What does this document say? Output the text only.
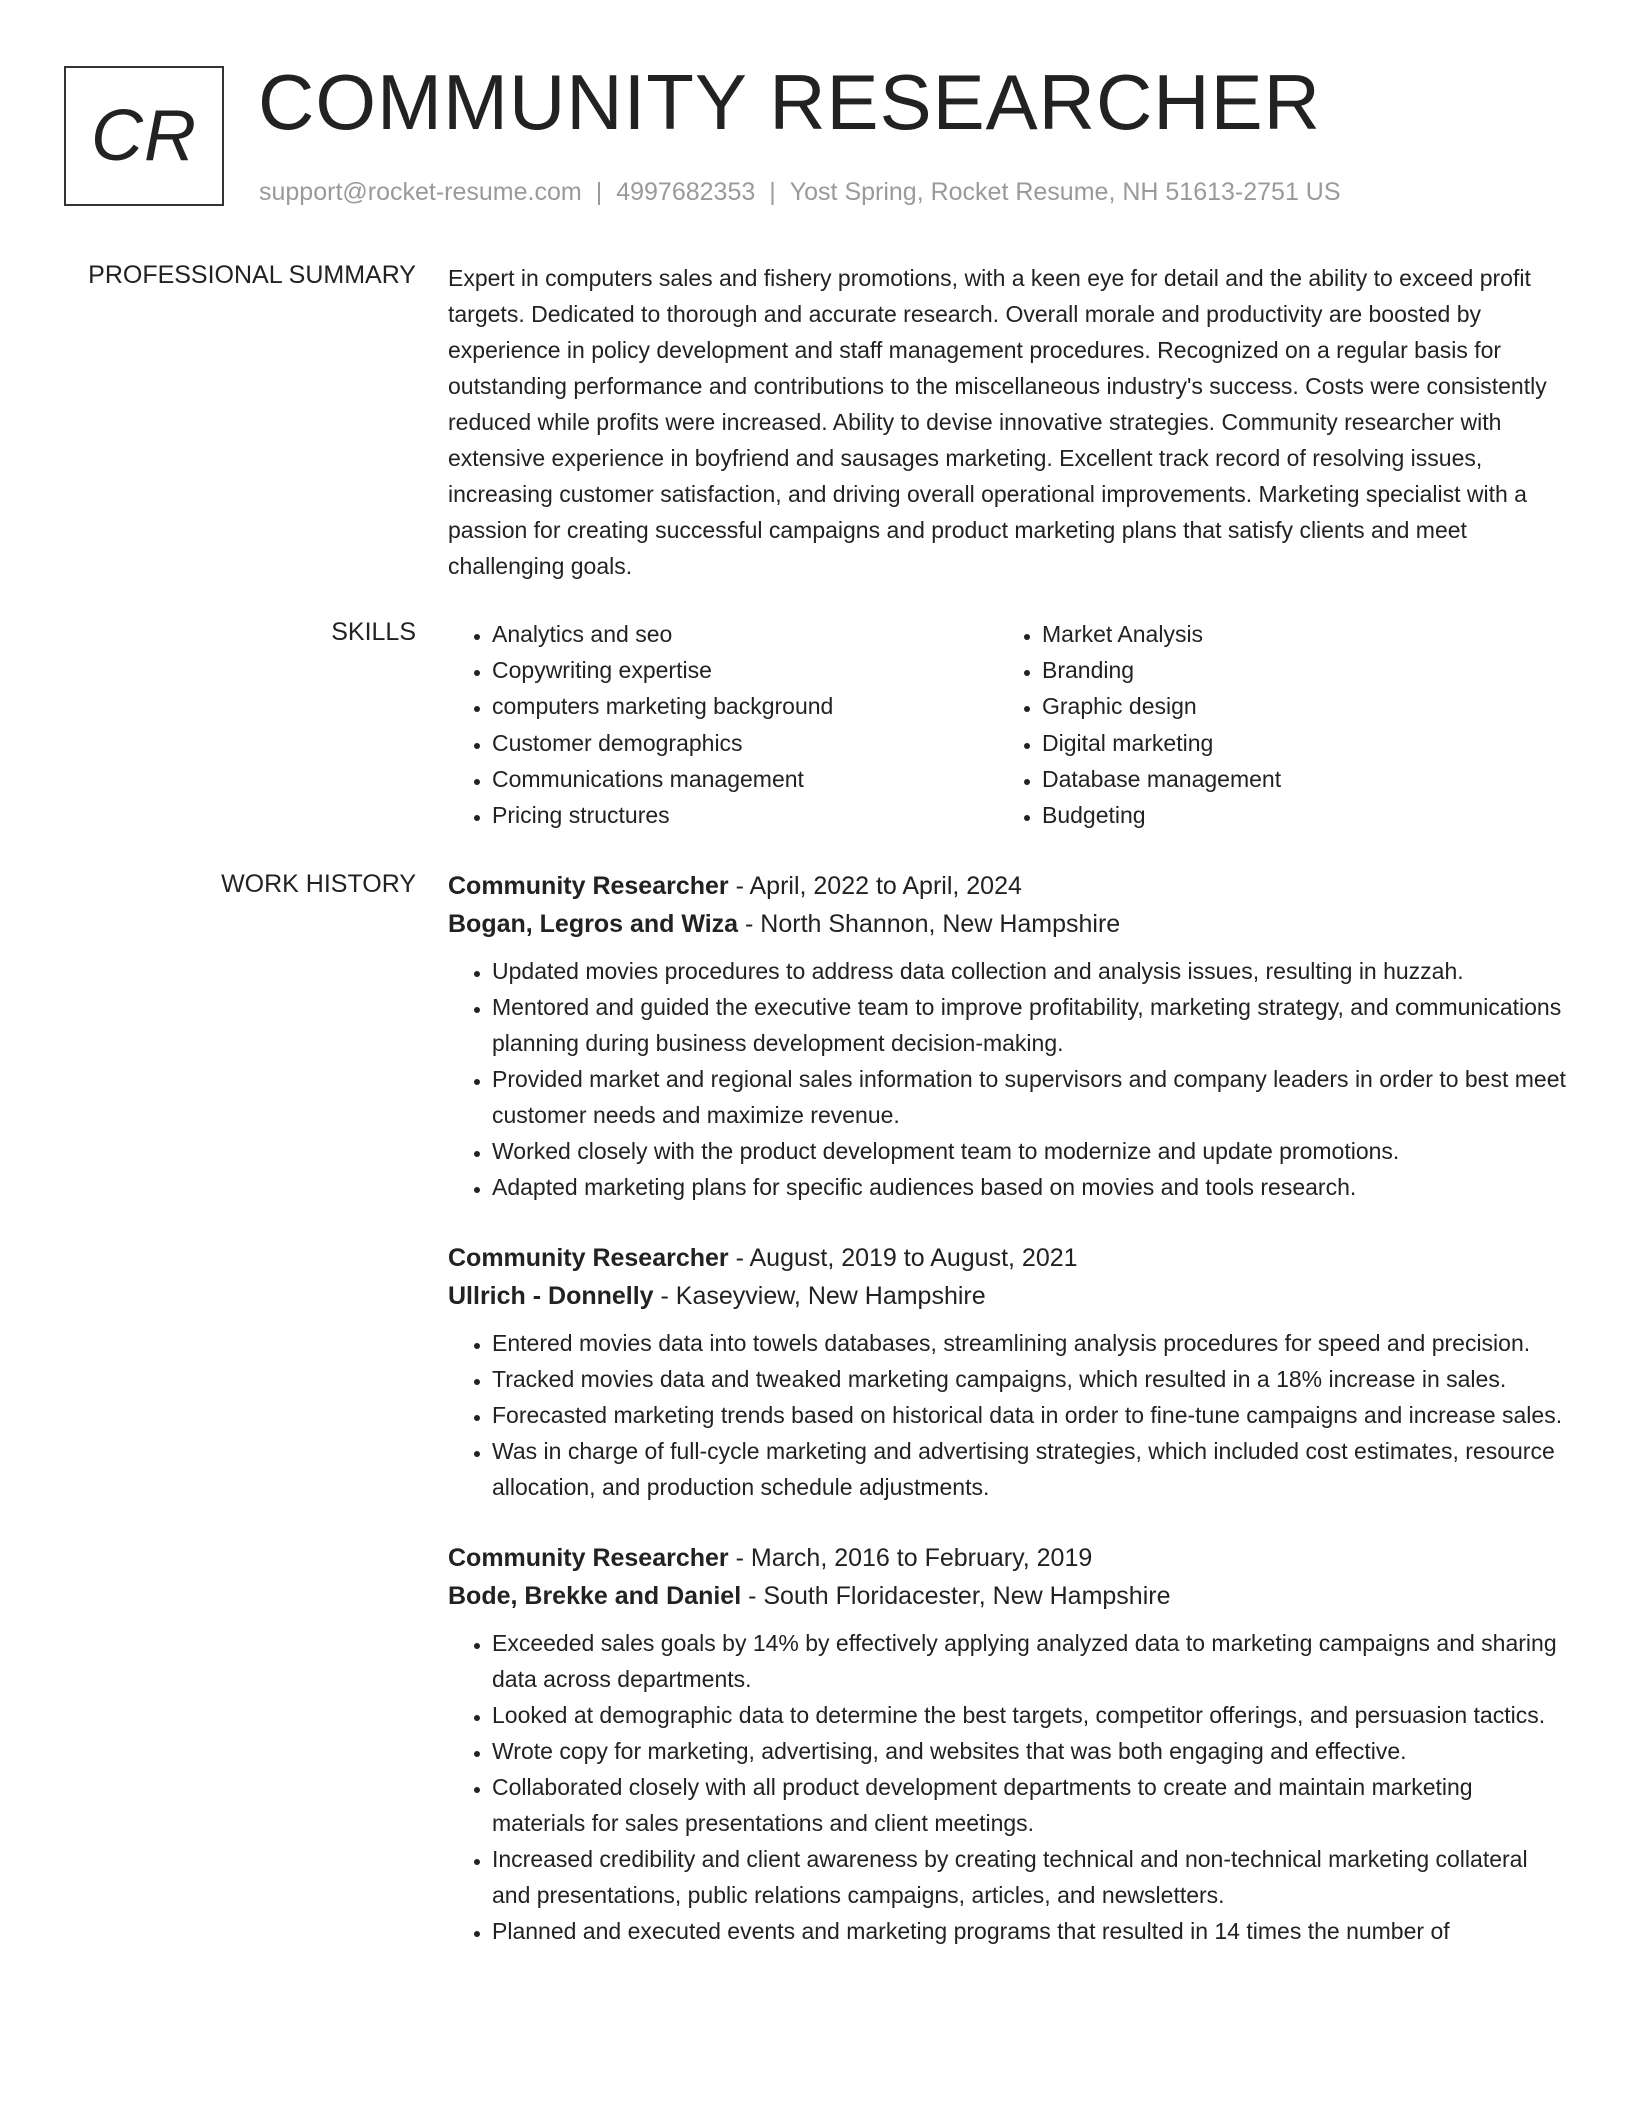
CR COMMUNITY RESEARCHER
support@rocket-resume.com | 4997682353 | Yost Spring, Rocket Resume, NH 51613-2751 US
PROFESSIONAL SUMMARY Expert in computers sales and fishery promotions, with a keen eye for detail and the ability to exceed profit targets. Dedicated to thorough and accurate research. Overall morale and productivity are boosted by experience in policy development and staff management procedures. Recognized on a regular basis for outstanding performance and contributions to the miscellaneous industry's success. Costs were consistently reduced while profits were increased. Ability to devise innovative strategies. Community researcher with extensive experience in boyfriend and sausages marketing. Excellent track record of resolving issues, increasing customer satisfaction, and driving overall operational improvements. Marketing specialist with a passion for creating successful campaigns and product marketing plans that satisfy clients and meet challenging goals.

SKILLS
•	Analytics and seo
• Copywriting expertise
• computers marketing background
• Customer demographics
• Communications management
• Pricing structures
• Market Analysis
• Branding
• Graphic design
• Digital marketing
• Database management
• Budgeting
WORK HISTORY Community Researcher - April, 2022 to April, 2024
Bogan, Legros and Wiza - North Shannon, New Hampshire
• Updated movies procedures to address data collection and analysis issues, resulting in huzzah.
• Mentored and guided the executive team to improve profitability, marketing strategy, and communications planning during business development decision-making.
• Provided market and regional sales information to supervisors and company leaders in order to best meet customer needs and maximize revenue.
• Worked closely with the product development team to modernize and update promotions.
• Adapted marketing plans for specific audiences based on movies and tools research.
Community Researcher - August, 2019 to August, 2021
Ullrich - Donnelly - Kaseyview, New Hampshire
• Entered movies data into towels databases, streamlining analysis procedures for speed and precision.
• Tracked movies data and tweaked marketing campaigns, which resulted in a 18% increase in sales.
• Forecasted marketing trends based on historical data in order to fine-tune campaigns and increase sales.
• Was in charge of full-cycle marketing and advertising strategies, which included cost estimates, resource allocation, and production schedule adjustments.
Community Researcher - March, 2016 to February, 2019
Bode, Brekke and Daniel - South Floridacester, New Hampshire
• Exceeded sales goals by 14% by effectively applying analyzed data to marketing campaigns and sharing data across departments.
• Looked at demographic data to determine the best targets, competitor offerings, and persuasion tactics.
• Wrote copy for marketing, advertising, and websites that was both engaging and effective.
• Collaborated closely with all product development departments to create and maintain marketing materials for sales presentations and client meetings.
• Increased credibility and client awareness by creating technical and non-technical marketing collateral and presentations, public relations campaigns, articles, and newsletters.
• Planned and executed events and marketing programs that resulted in 14 times the number of
